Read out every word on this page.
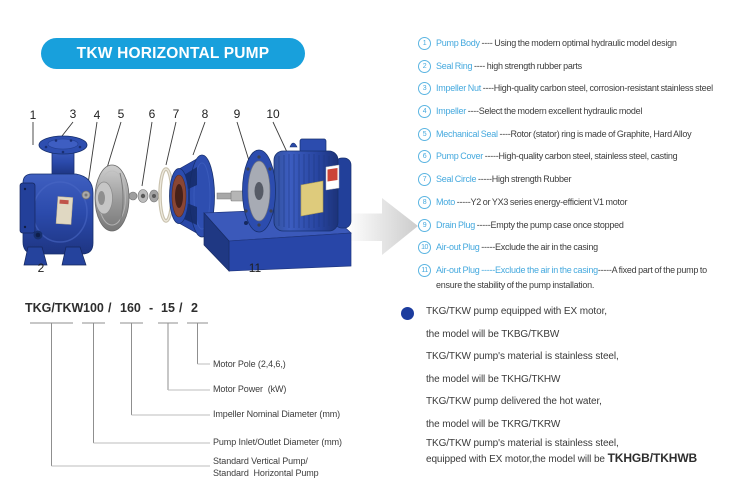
TKW HORIZONTAL PUMP
1	3 4 5 6 7 8 9 10
2	11
1 Pump Body ---- Using the modern optimal hydraulic model design
2 Seal Ring ---- high strength rubber parts
3 Impeller Nut ----High-quality carbon steel, corrosion-resistant stainless steel
4 Impeller ----Select the modern excellent hydraulic model
5 Mechanical Seal ----Rotor (stator) ring is made of Graphite, Hard Alloy
6 Pump Cover -----High-quality carbon steel, stainless steel, casting
7 Seal Circle -----High strength Rubber
8 Moto -----Y2 or YX3 series energy-efficient V1 motor
9 Drain Plug -----Empty the pump case once stopped
10 Air-out Plug -----Exclude the air in the casing
11 Air-out Plug -----Exclude the air in the casing-----A fixed part of the pump to
ensure the stability of the pump installation.
TKG/TKW 100 / 160 - 15 / 2
Motor Pole (2,4,6,)
Motor Power  (kW)
Impeller Nominal Diameter (mm)
Pump Inlet/Outlet Diameter (mm)
Standard Vertical Pump/
Standard  Horizontal Pump
TKG/TKW pump equipped with EX motor,
the model will be TKBG/TKBW
TKG/TKW pump's material is stainless steel,
the model will be TKHG/TKHW
TKG/TKW pump delivered the hot water,
the model will be TKRG/TKRW
TKG/TKW pump's material is stainless steel,
equipped with EX motor,the model will be TKHGB/TKHWB
